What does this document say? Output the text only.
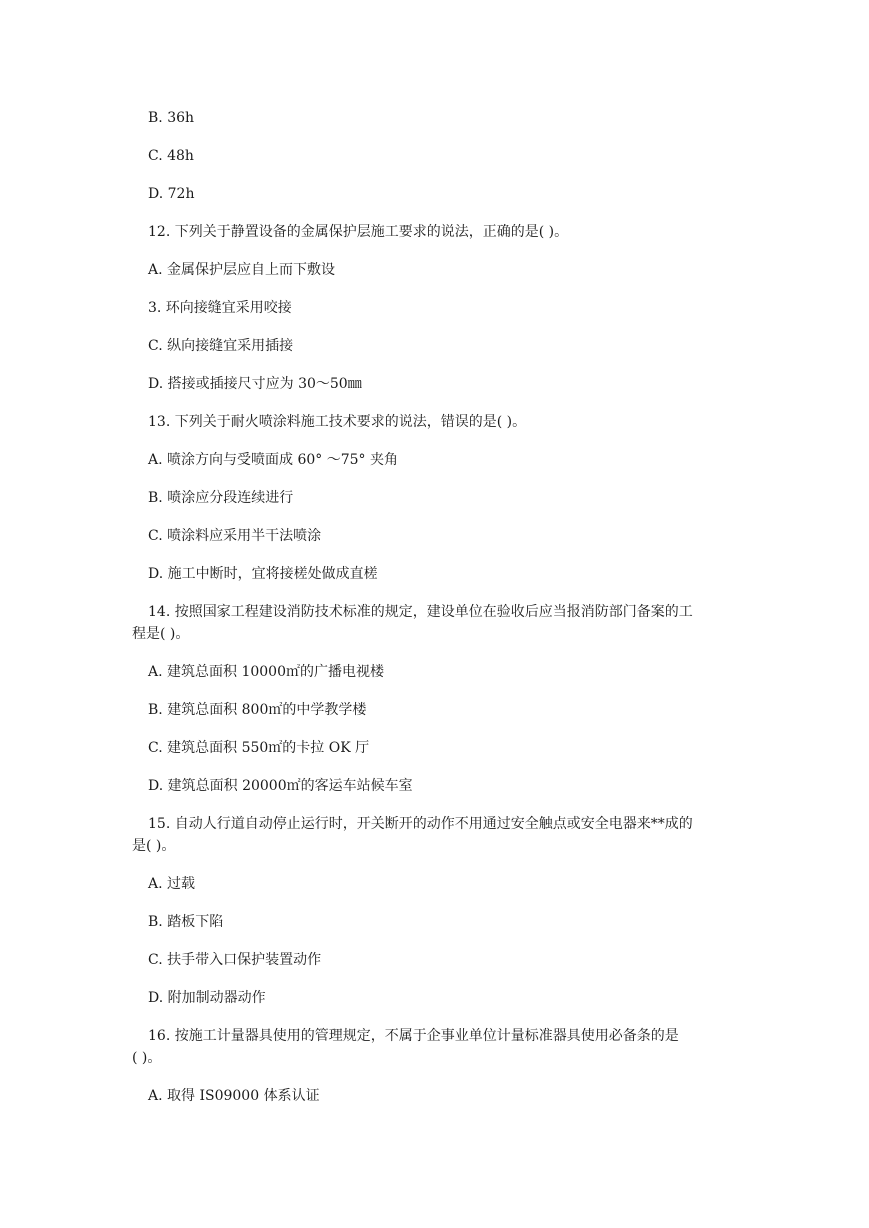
B. 36h
C. 48h
D. 72h
12. 下列关于静置设备的金属保护层施工要求的说法，正确的是( )。
A. 金属保护层应自上而下敷设
3. 环向接缝宜采用咬接
C. 纵向接缝宜采用插接
D. 搭接或插接尺寸应为 30～50㎜
13. 下列关于耐火喷涂料施工技术要求的说法，错误的是( )。
A. 喷涂方向与受喷面成 60° ～75° 夹角
B. 喷涂应分段连续进行
C. 喷涂料应采用半干法喷涂
D. 施工中断时，宜将接槎处做成直槎
14. 按照国家工程建设消防技术标准的规定，建设单位在验收后应当报消防部门备案的工
程是( )。
A. 建筑总面积 10000㎡的广播电视楼
B. 建筑总面积 800㎡的中学教学楼
C. 建筑总面积 550㎡的卡拉 OK 厅
D. 建筑总面积 20000㎡的客运车站候车室
15. 自动人行道自动停止运行时，开关断开的动作不用通过安全触点或安全电器来**成的
是( )。
A. 过载
B. 踏板下陷
C. 扶手带入口保护装置动作
D. 附加制动器动作
16. 按施工计量器具使用的管理规定，不属于企事业单位计量标准器具使用必备条的是
( )。
A. 取得 IS09000 体系认证
